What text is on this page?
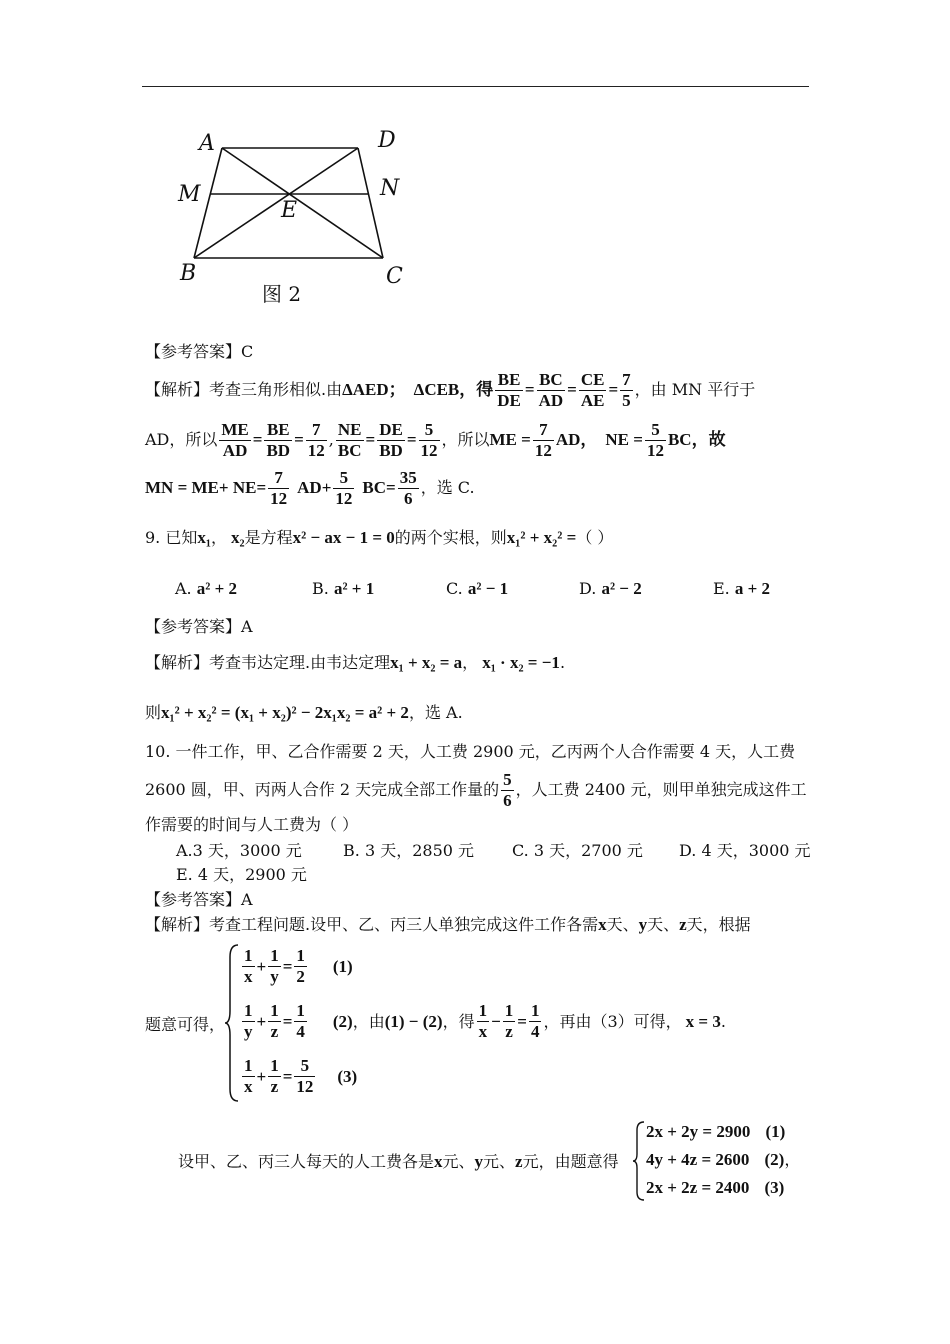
A	D
M	N
E
B	C
图 2
【参考答案】C
【解析】考查三角形相似.由 ΔAED； ΔCEB，得 $\frac{BE}{DE} = \frac{BC}{AD} = \frac{CE}{AE} = \frac{7}{5}$ ，由 MN 平行于
AD，所以 $\frac{ME}{AD} = \frac{BE}{BD} = \frac{7}{12}$ , $\frac{NE}{BC} = \frac{DE}{BD} = \frac{5}{12}$ ，所以 ME = $\frac{7}{12}$ AD， NE = $\frac{5}{12}$ BC，故
MN = $ME+ NE= \frac{7}{12} AD+ \frac{5}{12} BC= \frac{35}{6}$ ，选 C.
9. 已知 x₁ ， x₂ 是方程 x² − ax − 1 = 0 的两个实根，则 x₁² + x₂² = （ ）
A. a² + 2	B. a² + 1	C. a² − 1	D. a² − 2	E. a + 2
【参考答案】A
【解析】考查韦达定理.由韦达定理 x₁ + x₂ = a ， x₁ · x₂ = −1 .
则 x₁² + x₂² = (x₁ + x₂)² − 2x₁x₂ = a² + 2 ，选 A.
10. 一件工作，甲、乙合作需要 2 天，人工费 2900 元，乙丙两个人合作需要 4 天，人工费
2600 圆，甲、丙两人合作 2 天完成全部工作量的 $\frac{5}{6}$ ，人工费 2400 元，则甲单独完成这件工
作需要的时间与人工费为（ ）
A.3 天，3000 元	B. 3 天，2850 元 C. 3 天，2700 元 D. 4 天，3000 元
E. 4 天，2900 元
【参考答案】A
【解析】考查工程问题.设甲、乙、丙三人单独完成这件工作各需 x 天、 y 天、 z 天，根据
题意可得，
$\frac{1}{x} + \frac{1}{y} = \frac{1}{2} (1)$
$\frac{1}{y} + \frac{1}{z} = \frac{1}{4} (2)$ ，由 (1) − (2) ，得 $\frac{1}{x} - \frac{1}{z} = \frac{1}{4}$ ，再由（3）可得， x = 3 .
$\frac{1}{x} + \frac{1}{z} = \frac{5}{12} (3)$
设甲、乙、丙三人每天的人工费各是 x 元、 y 元、 z 元，由题意得
2x + 2y = 2900 (1)
4y + 4z = 2600 (2)，
2x + 2z = 2400 (3)
